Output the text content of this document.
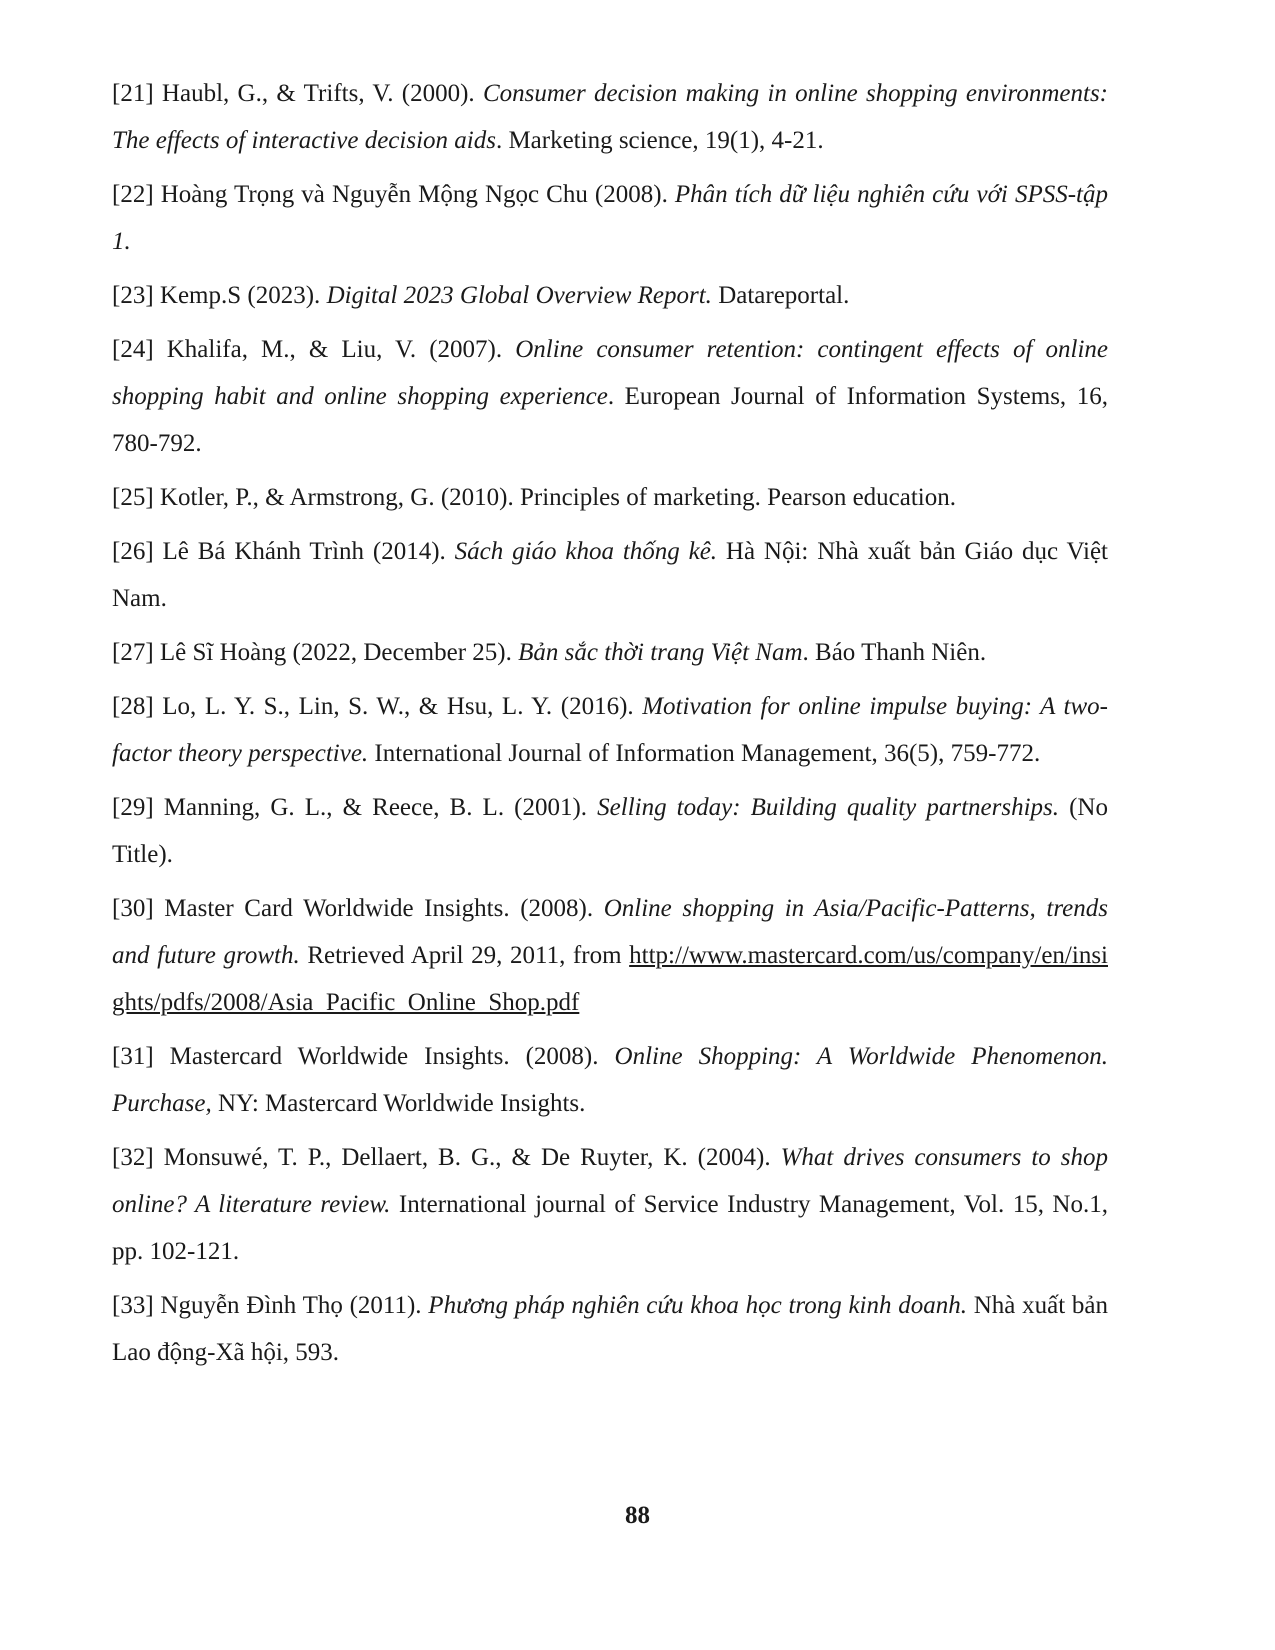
[21] Haubl, G., & Trifts, V. (2000). Consumer decision making in online shopping environments: The effects of interactive decision aids. Marketing science, 19(1), 4-21.

[22] Hoàng Trọng và Nguyễn Mộng Ngọc Chu (2008). Phân tích dữ liệu nghiên cứu với SPSS-tập 1.

[23] Kemp.S (2023). Digital 2023 Global Overview Report. Datareportal.

[24] Khalifa, M., & Liu, V. (2007). Online consumer retention: contingent effects of online shopping habit and online shopping experience. European Journal of Information Systems, 16, 780-792.

[25] Kotler, P., & Armstrong, G. (2010). Principles of marketing. Pearson education.

[26] Lê Bá Khánh Trình (2014). Sách giáo khoa thống kê. Hà Nội: Nhà xuất bản Giáo dục Việt Nam.

[27] Lê Sĩ Hoàng (2022, December 25). Bản sắc thời trang Việt Nam. Báo Thanh Niên.

[28] Lo, L. Y. S., Lin, S. W., & Hsu, L. Y. (2016). Motivation for online impulse buying: A two-factor theory perspective. International Journal of Information Management, 36(5), 759-772.

[29] Manning, G. L., & Reece, B. L. (2001). Selling today: Building quality partnerships. (No Title).

[30] Master Card Worldwide Insights. (2008). Online shopping in Asia/Pacific-Patterns, trends and future growth. Retrieved April 29, 2011, from http://www.mastercard.com/us/company/en/insights/pdfs/2008/Asia_Pacific_Online_Shop.pdf

[31] Mastercard Worldwide Insights. (2008). Online Shopping: A Worldwide Phenomenon. Purchase, NY: Mastercard Worldwide Insights.

[32] Monsuwé, T. P., Dellaert, B. G., & De Ruyter, K. (2004). What drives consumers to shop online? A literature review. International journal of Service Industry Management, Vol. 15, No.1, pp. 102-121.

[33] Nguyễn Đình Thọ (2011). Phương pháp nghiên cứu khoa học trong kinh doanh. Nhà xuất bản Lao động-Xã hội, 593.

88
